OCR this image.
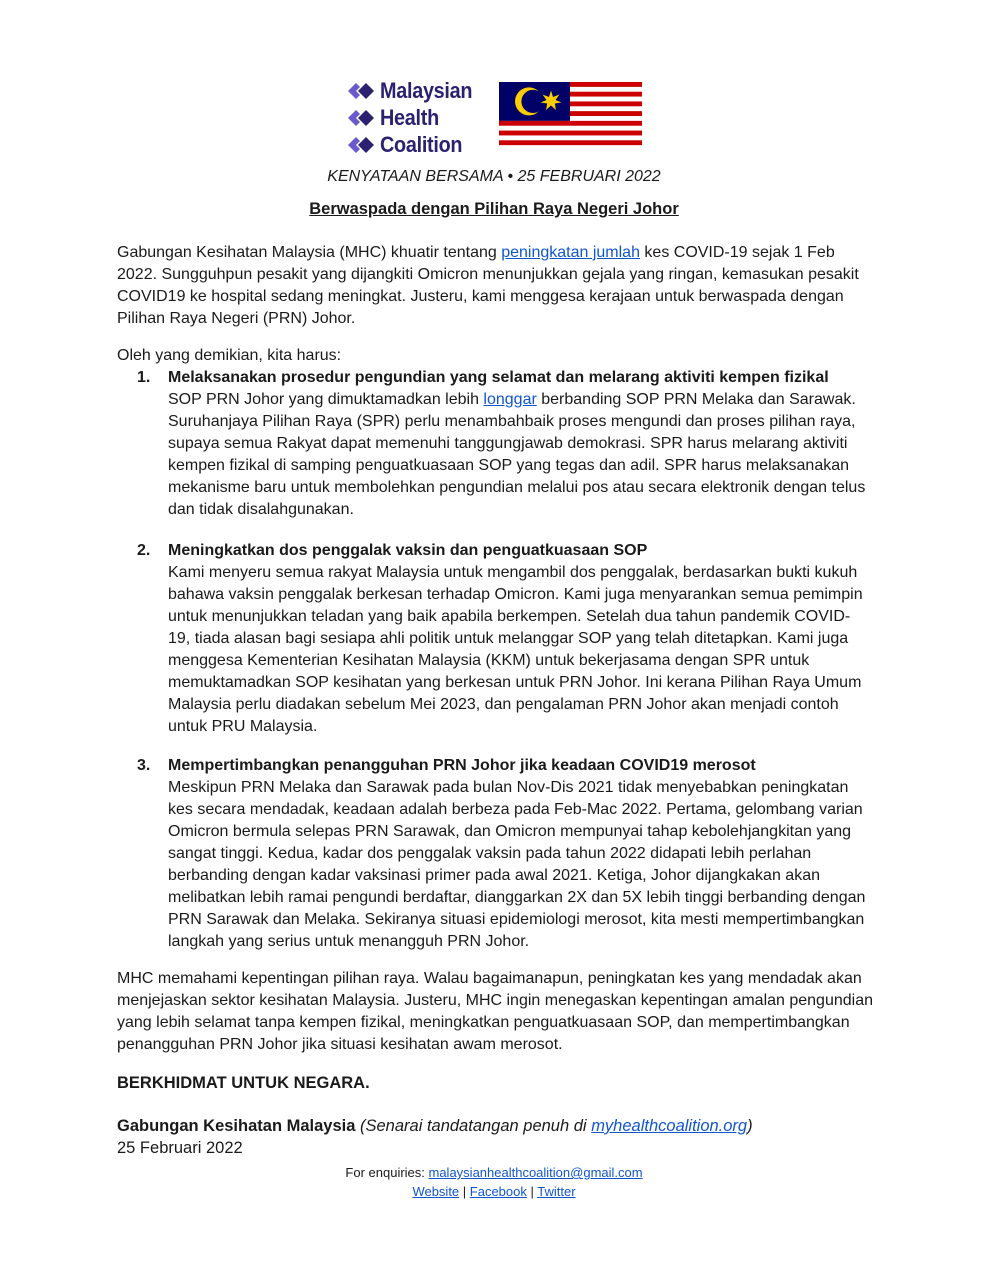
Malaysian
Health
Coalition
KENYATAAN BERSAMA • 25 FEBRUARI 2022
Berwaspada dengan Pilihan Raya Negeri Johor
Gabungan Kesihatan Malaysia (MHC) khuatir tentang peningkatan jumlah kes COVID-19 sejak 1 Feb 2022. Sungguhpun pesakit yang dijangkiti Omicron menunjukkan gejala yang ringan, kemasukan pesakit COVID19 ke hospital sedang meningkat. Justeru, kami menggesa kerajaan untuk berwaspada dengan Pilihan Raya Negeri (PRN) Johor.
Oleh yang demikian, kita harus:
1. Melaksanakan prosedur pengundian yang selamat dan melarang aktiviti kempen fizikal
SOP PRN Johor yang dimuktamadkan lebih longgar berbanding SOP PRN Melaka dan Sarawak. Suruhanjaya Pilihan Raya (SPR) perlu menambahbaik proses mengundi dan proses pilihan raya, supaya semua Rakyat dapat memenuhi tanggungjawab demokrasi. SPR harus melarang aktiviti kempen fizikal di samping penguatkuasaan SOP yang tegas dan adil. SPR harus melaksanakan mekanisme baru untuk membolehkan pengundian melalui pos atau secara elektronik dengan telus dan tidak disalahgunakan.
2. Meningkatkan dos penggalak vaksin dan penguatkuasaan SOP
Kami menyeru semua rakyat Malaysia untuk mengambil dos penggalak, berdasarkan bukti kukuh bahawa vaksin penggalak berkesan terhadap Omicron. Kami juga menyarankan semua pemimpin untuk menunjukkan teladan yang baik apabila berkempen. Setelah dua tahun pandemik COVID-19, tiada alasan bagi sesiapa ahli politik untuk melanggar SOP yang telah ditetapkan. Kami juga menggesa Kementerian Kesihatan Malaysia (KKM) untuk bekerjasama dengan SPR untuk memuktamadkan SOP kesihatan yang berkesan untuk PRN Johor. Ini kerana Pilihan Raya Umum Malaysia perlu diadakan sebelum Mei 2023, dan pengalaman PRN Johor akan menjadi contoh untuk PRU Malaysia.
3. Mempertimbangkan penangguhan PRN Johor jika keadaan COVID19 merosot
Meskipun PRN Melaka dan Sarawak pada bulan Nov-Dis 2021 tidak menyebabkan peningkatan kes secara mendadak, keadaan adalah berbeza pada Feb-Mac 2022. Pertama, gelombang varian Omicron bermula selepas PRN Sarawak, dan Omicron mempunyai tahap kebolehjangkitan yang sangat tinggi. Kedua, kadar dos penggalak vaksin pada tahun 2022 didapati lebih perlahan berbanding dengan kadar vaksinasi primer pada awal 2021. Ketiga, Johor dijangkakan akan melibatkan lebih ramai pengundi berdaftar, dianggarkan 2X dan 5X lebih tinggi berbanding dengan PRN Sarawak dan Melaka. Sekiranya situasi epidemiologi merosot, kita mesti mempertimbangkan langkah yang serius untuk menangguh PRN Johor.
MHC memahami kepentingan pilihan raya. Walau bagaimanapun, peningkatan kes yang mendadak akan menjejaskan sektor kesihatan Malaysia. Justeru, MHC ingin menegaskan kepentingan amalan pengundian yang lebih selamat tanpa kempen fizikal, meningkatkan penguatkuasaan SOP, dan mempertimbangkan penangguhan PRN Johor jika situasi kesihatan awam merosot.
BERKHIDMAT UNTUK NEGARA.
Gabungan Kesihatan Malaysia (Senarai tandatangan penuh di myhealthcoalition.org)
25 Februari 2022
For enquiries: malaysianhealthcoalition@gmail.com
Website | Facebook | Twitter
